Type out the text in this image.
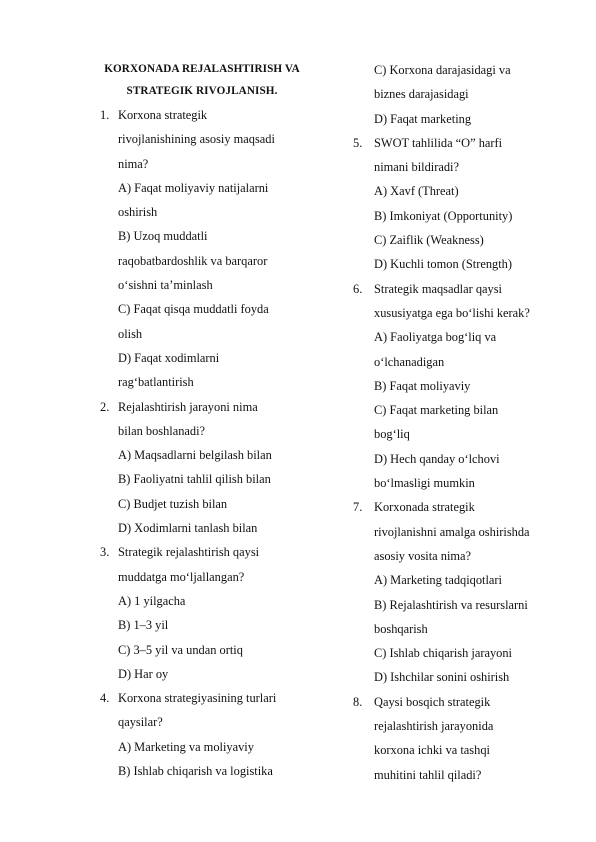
KORXONADA REJALASHTIRISH VA
STRATEGIK RIVOJLANISH.
1. Korxona strategik
rivojlanishining asosiy maqsadi
nima?
A) Faqat moliyaviy natijalarni
oshirish
B) Uzoq muddatli
raqobatbardoshlik va barqaror
o‘sishni ta’minlash
C) Faqat qisqa muddatli foyda
olish
D) Faqat xodimlarni
rag‘batlantirish
2. Rejalashtirish jarayoni nima
bilan boshlanadi?
A) Maqsadlarni belgilash bilan
B) Faoliyatni tahlil qilish bilan
C) Budjet tuzish bilan
D) Xodimlarni tanlash bilan
3. Strategik rejalashtirish qaysi
muddatga mo‘ljallangan?
A) 1 yilgacha
B) 1–3 yil
C) 3–5 yil va undan ortiq
D) Har oy
4. Korxona strategiyasining turlari
qaysilar?
A) Marketing va moliyaviy
B) Ishlab chiqarish va logistika
C) Korxona darajasidagi va
biznes darajasidagi
D) Faqat marketing
5. SWOT tahlilida “O” harfi
nimani bildiradi?
A) Xavf (Threat)
B) Imkoniyat (Opportunity)
C) Zaiflik (Weakness)
D) Kuchli tomon (Strength)
6. Strategik maqsadlar qaysi
xususiyatga ega bo‘lishi kerak?
A) Faoliyatga bog‘liq va
o‘lchanadigan
B) Faqat moliyaviy
C) Faqat marketing bilan
bog‘liq
D) Hech qanday o‘lchovi
bo‘lmasligi mumkin
7. Korxonada strategik
rivojlanishni amalga oshirishda
asosiy vosita nima?
A) Marketing tadqiqotlari
B) Rejalashtirish va resurslarni
boshqarish
C) Ishlab chiqarish jarayoni
D) Ishchilar sonini oshirish
8. Qaysi bosqich strategik
rejalashtirish jarayonida
korxona ichki va tashqi
muhitini tahlil qiladi?
